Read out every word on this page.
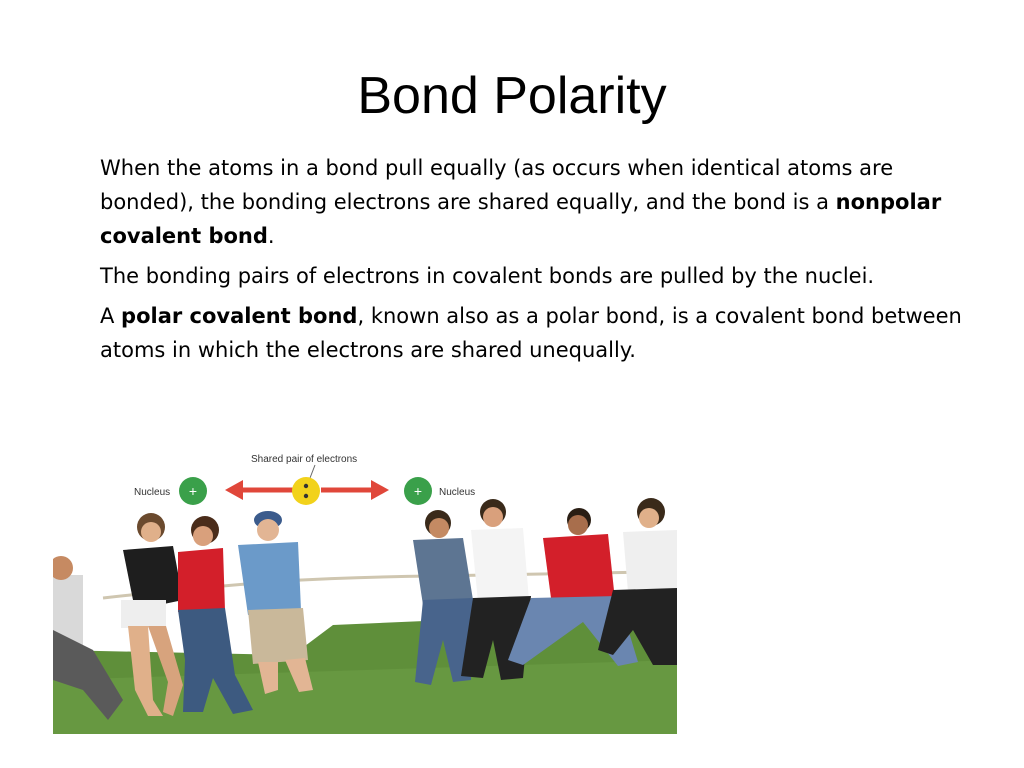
Bond Polarity

When the atoms in a bond pull equally (as occurs when identical atoms are bonded), the bonding electrons are shared equally, and the bond is a nonpolar covalent bond.

The bonding pairs of electrons in covalent bonds are pulled by the nuclei.

A polar covalent bond, known also as a polar bond, is a covalent bond between atoms in which the electrons are shared unequally.

+	+
Shared pair of electrons
Nucleus	Nucleus
